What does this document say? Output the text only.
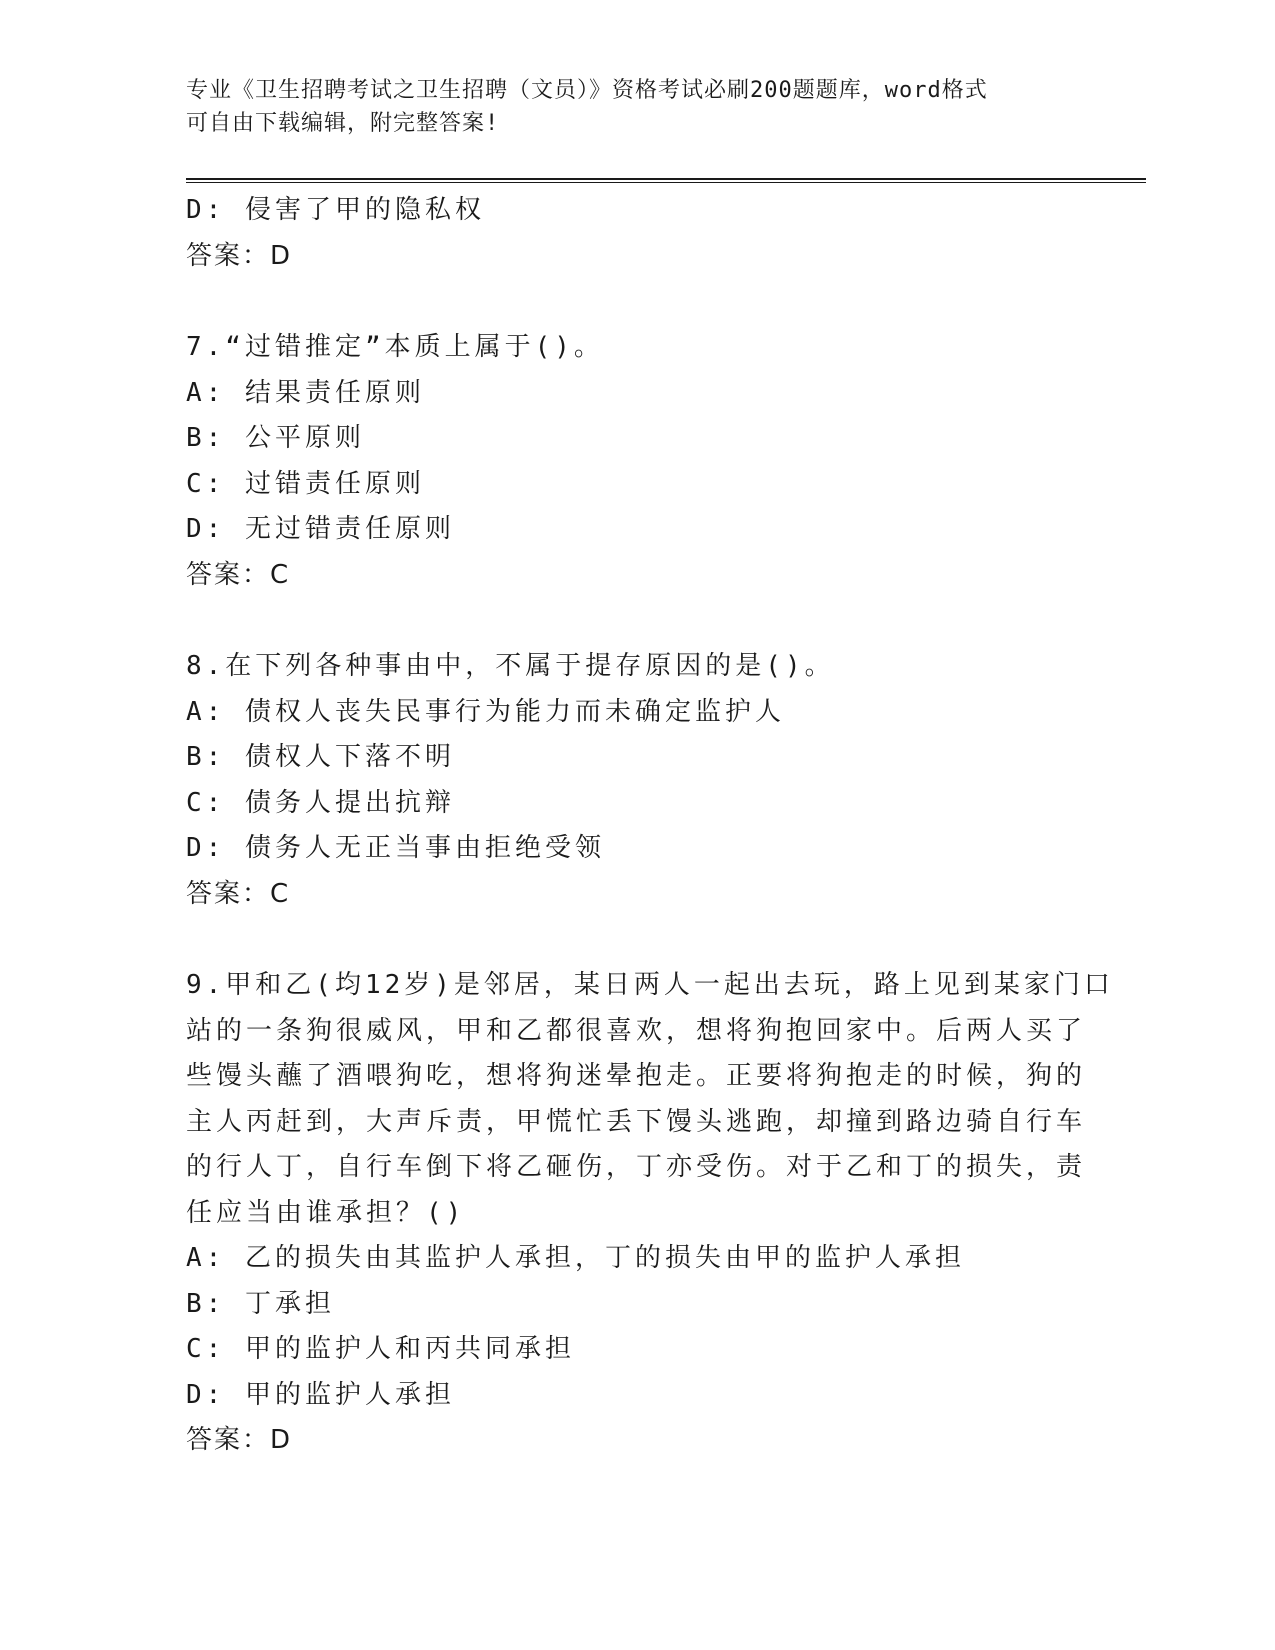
专业《卫生招聘考试之卫生招聘（文员）》资格考试必刷200题题库，word格式
可自由下载编辑，附完整答案!
D: 侵害了甲的隐私权
答案：D
7.“过错推定”本质上属于()。
A: 结果责任原则
B: 公平原则
C: 过错责任原则
D: 无过错责任原则
答案：C
8.在下列各种事由中，不属于提存原因的是()。
A: 债权人丧失民事行为能力而未确定监护人
B: 债权人下落不明
C: 债务人提出抗辩
D: 债务人无正当事由拒绝受领
答案：C
9.甲和乙(均12岁)是邻居，某日两人一起出去玩，路上见到某家门口
站的一条狗很威风，甲和乙都很喜欢，想将狗抱回家中。后两人买了
些馒头蘸了酒喂狗吃，想将狗迷晕抱走。正要将狗抱走的时候，狗的
主人丙赶到，大声斥责，甲慌忙丢下馒头逃跑，却撞到路边骑自行车
的行人丁，自行车倒下将乙砸伤，丁亦受伤。对于乙和丁的损失，责
任应当由谁承担？()
A: 乙的损失由其监护人承担，丁的损失由甲的监护人承担
B: 丁承担
C: 甲的监护人和丙共同承担
D: 甲的监护人承担
答案：D
